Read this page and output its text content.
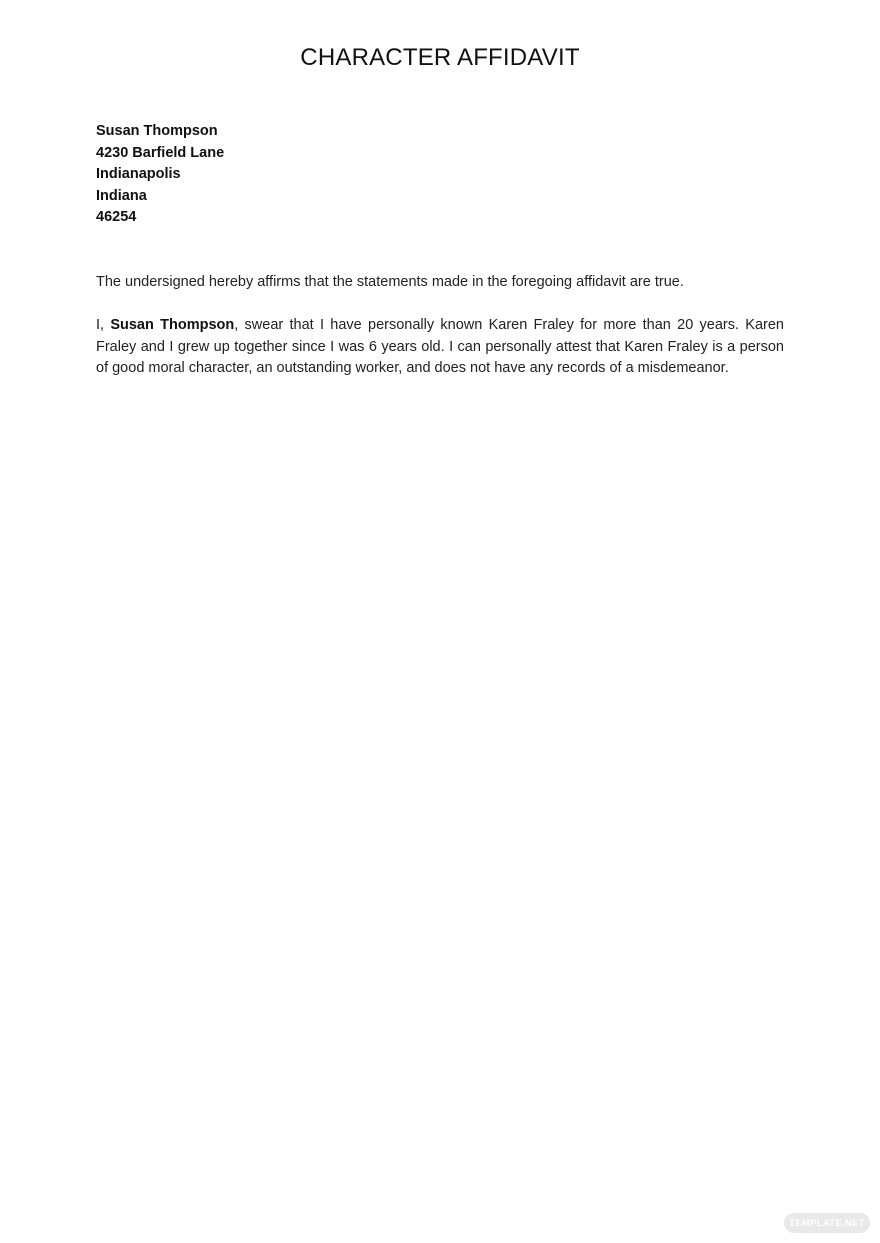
CHARACTER AFFIDAVIT
Susan Thompson
4230 Barfield Lane
Indianapolis
Indiana
46254

The undersigned hereby affirms that the statements made in the foregoing affidavit are true.

I, Susan Thompson, swear that I have personally known Karen Fraley for more than 20 years. Karen Fraley and I grew up together since I was 6 years old. I can personally attest that Karen Fraley is a person of good moral character, an outstanding worker, and does not have any records of a misdemeanor.

TEMPLATE.NET
